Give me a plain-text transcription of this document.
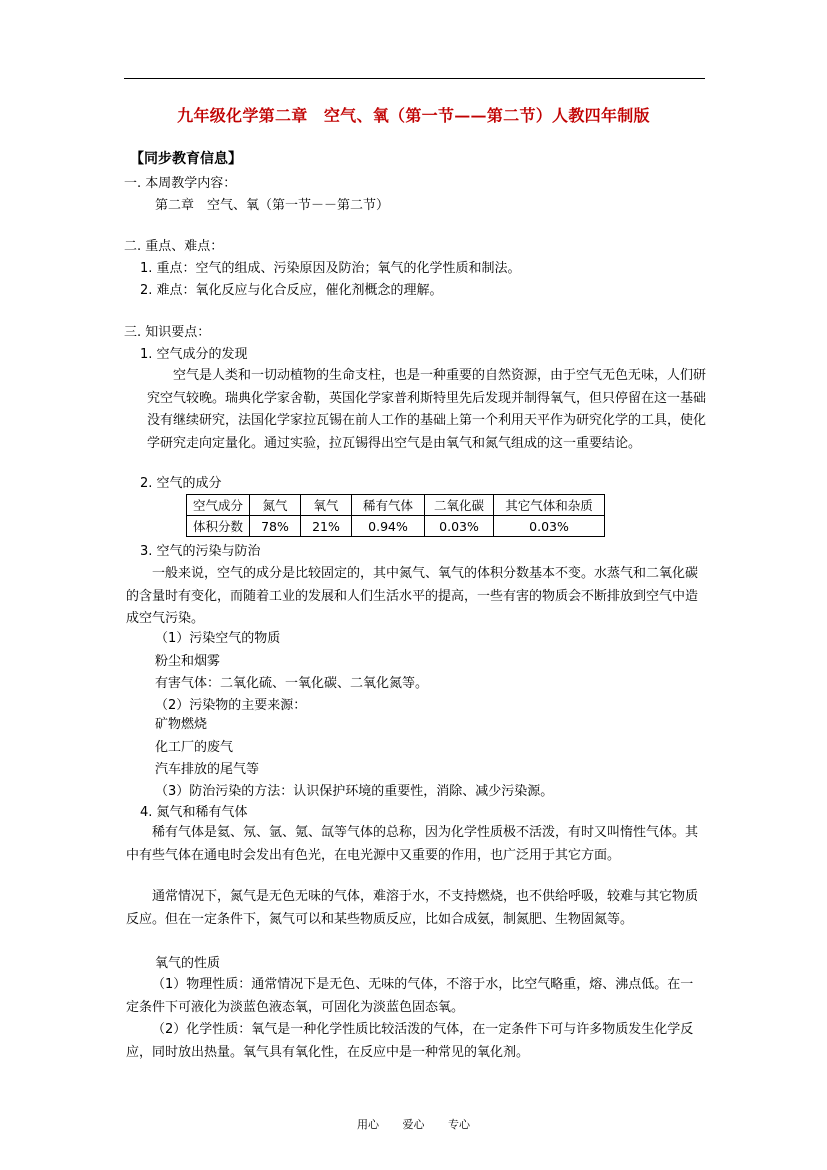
九年级化学第二章　空气、氧（第一节——第二节）人教四年制版
【同步教育信息】
一. 本周教学内容：
第二章　空气、氧（第一节－－第二节）
二. 重点、难点：
1. 重点：空气的组成、污染原因及防治；氧气的化学性质和制法。
2. 难点：氧化反应与化合反应，催化剂概念的理解。
三. 知识要点：
1. 空气成分的发现
空气是人类和一切动植物的生命支柱，也是一种重要的自然资源，由于空气无色无味，人们研究空气较晚。瑞典化学家舍勒，英国化学家普利斯特里先后发现并制得氧气，但只停留在这一基础没有继续研究，法国化学家拉瓦锡在前人工作的基础上第一个利用天平作为研究化学的工具，使化学研究走向定量化。通过实验，拉瓦锡得出空气是由氧气和氮气组成的这一重要结论。
2. 空气的成分
空气成分	氮气	氧气	稀有气体	二氧化碳	其它气体和杂质
体积分数	78%	21%	0.94%	0.03%	0.03%
3. 空气的污染与防治
一般来说，空气的成分是比较固定的，其中氮气、氧气的体积分数基本不变。水蒸气和二氧化碳的含量时有变化，而随着工业的发展和人们生活水平的提高，一些有害的物质会不断排放到空气中造成空气污染。
（1）污染空气的物质
粉尘和烟雾
有害气体：二氧化硫、一氧化碳、二氧化氮等。
（2）污染物的主要来源：
矿物燃烧
化工厂的废气
汽车排放的尾气等
（3）防治污染的方法：认识保护环境的重要性，消除、减少污染源。
4. 氮气和稀有气体
稀有气体是氦、氖、氩、氪、氙等气体的总称，因为化学性质极不活泼，有时又叫惰性气体。其中有些气体在通电时会发出有色光，在电光源中又重要的作用，也广泛用于其它方面。
通常情况下，氮气是无色无味的气体，难溶于水，不支持燃烧，也不供给呼吸，较难与其它物质反应。但在一定条件下，氮气可以和某些物质反应，比如合成氨，制氮肥、生物固氮等。
氧气的性质
（1）物理性质：通常情况下是无色、无味的气体，不溶于水，比空气略重，熔、沸点低。在一定条件下可液化为淡蓝色液态氧，可固化为淡蓝色固态氧。
（2）化学性质：氧气是一种化学性质比较活泼的气体，在一定条件下可与许多物质发生化学反应，同时放出热量。氧气具有氧化性，在反应中是一种常见的氧化剂。
用心 爱心 专心
